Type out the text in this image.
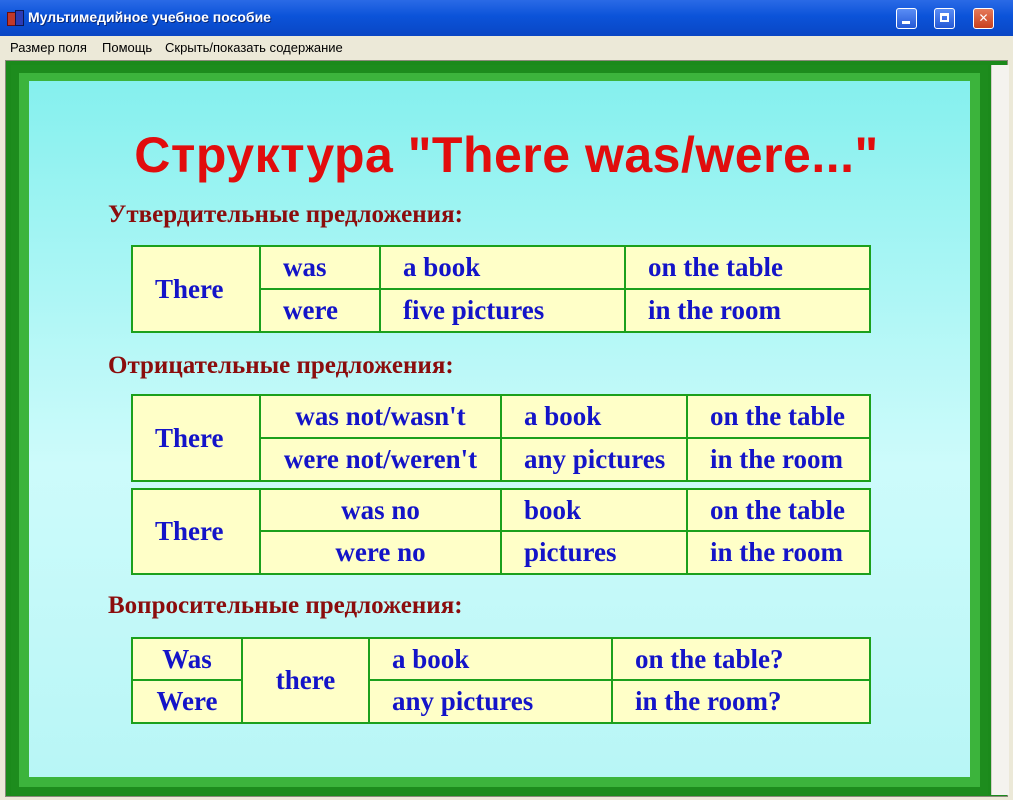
Мультимедийное учебное пособие	✕
Размер поля Помощь Скрыть/показать содержание
Структура "There was/were..."
Утвердительные предложения:
There	was	a book	on the table
	were	five pictures	in the room
Отрицательные предложения:
There	was not/wasn't	a book	on the table
	were not/weren't	any pictures	in the room
There	was no	book	on the table
	were no	pictures	in the room
Вопросительные предложения:
Was	there	a book	on the table?
Were		any pictures	in the room?
